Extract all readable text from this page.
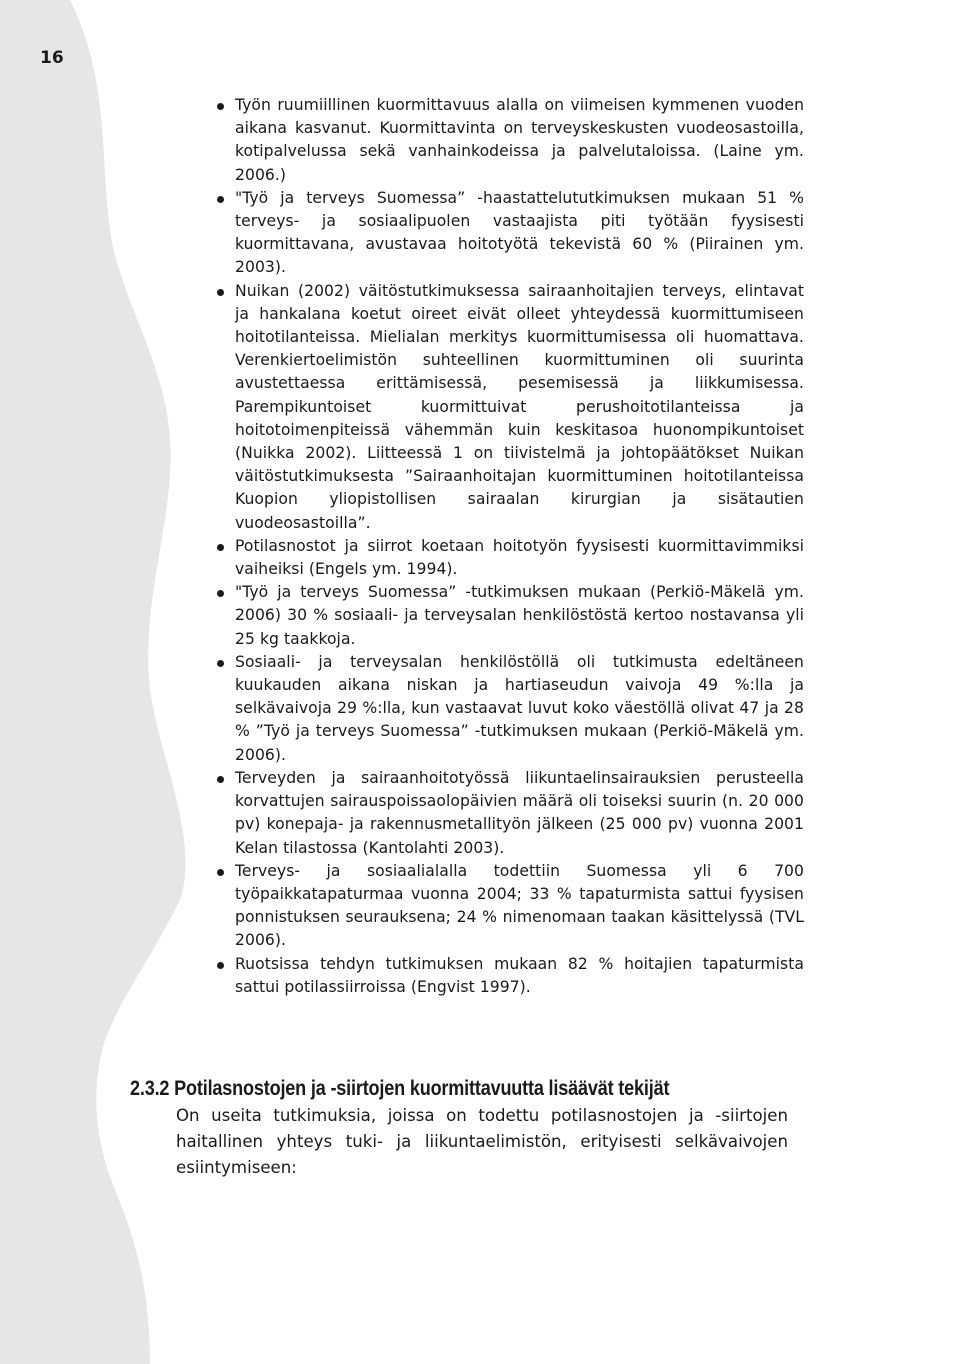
16
Työn ruumiillinen kuormittavuus alalla on viimeisen kymmenen vuoden aikana kasvanut. Kuormittavinta on terveyskeskusten vuodeosastoilla, kotipalvelussa sekä vanhainkodeissa ja palvelutaloissa. (Laine ym. 2006.)
"Työ ja terveys Suomessa” -haastattelututkimuksen mukaan 51 % terveys- ja sosiaalipuolen vastaajista piti työtään fyysisesti kuormittavana, avustavaa hoitotyötä tekevistä 60 % (Piirainen ym. 2003).
Nuikan (2002) väitöstutkimuksessa sairaanhoitajien terveys, elintavat ja hankalana koetut oireet eivät olleet yhteydessä kuormittumiseen hoitotilanteissa. Mielialan merkitys kuormittumisessa oli huomattava. Verenkiertoelimistön suhteellinen kuormittuminen oli suurinta avustettaessa erittämisessä, pesemisessä ja liikkumisessa. Parempikuntoiset kuormittuivat perushoitotilanteissa ja hoitotoimenpiteissä vähemmän kuin keskitasoa huonompikuntoiset (Nuikka 2002). Liitteessä 1 on tiivistelmä ja johtopäätökset Nuikan väitöstutkimuksesta ”Sairaanhoitajan kuormittuminen hoitotilanteissa Kuopion yliopistollisen sairaalan kirurgian ja sisätautien vuodeosastoilla”.
Potilasnostot ja siirrot koetaan hoitotyön fyysisesti kuormittavimmiksi vaiheiksi (Engels ym. 1994).
"Työ ja terveys Suomessa” -tutkimuksen mukaan (Perkiö-Mäkelä ym. 2006) 30 % sosiaali- ja terveysalan henkilöstöstä kertoo nostavansa yli 25 kg taakkoja.
Sosiaali- ja terveysalan henkilöstöllä oli tutkimusta edeltäneen kuukauden aikana niskan ja hartiaseudun vaivoja 49 %:lla ja selkävaivoja 29 %:lla, kun vastaavat luvut koko väestöllä olivat 47 ja 28 % ”Työ ja terveys Suomessa” -tutkimuksen mukaan (Perkiö-Mäkelä ym. 2006).
Terveyden ja sairaanhoitotyössä liikuntaelinsairauksien perusteella korvattujen sairauspoissaolopäivien määrä oli toiseksi suurin (n. 20 000 pv) konepaja- ja rakennusmetallityön jälkeen (25 000 pv) vuonna 2001 Kelan tilastossa (Kantolahti 2003).
Terveys- ja sosiaalialalla todettiin Suomessa yli 6 700 työpaikkatapaturmaa vuonna 2004; 33 % tapaturmista sattui fyysisen ponnistuksen seurauksena; 24 % nimenomaan taakan käsittelyssä (TVL 2006).
Ruotsissa tehdyn tutkimuksen mukaan 82 % hoitajien tapaturmista sattui potilassiirroissa (Engvist 1997).
2.3.2 Potilasnostojen ja -siirtojen kuormittavuutta lisäävät tekijät

On useita tutkimuksia, joissa on todettu potilasnostojen ja -siirtojen haitallinen yhteys tuki- ja liikuntaelimistön, erityisesti selkävaivojen esiintymiseen:
